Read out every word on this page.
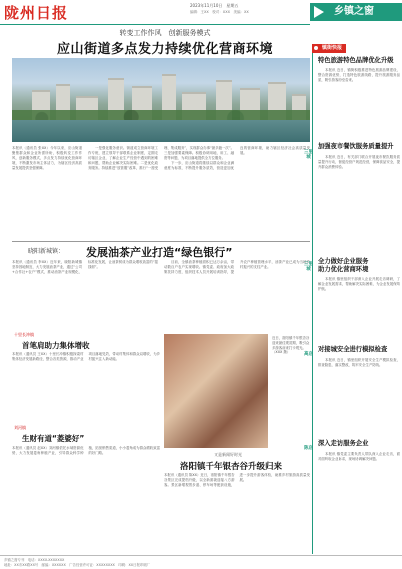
陇州日报	2023年11月10日　星期五
编辑：王XX　校对：XXX　美编：XX	乡镇之窗
转变工作作风　创新服务模式
应山街道多点发力持续优化营商环境

本报讯（通讯员 张XX）今年以来，应山街道聚焦群众和企业所需所盼，积极转变工作作风，创新服务模式，多点发力持续优化营商环境，不断激发市场主体活力，为辖区经济高质量发展提供坚强保障。

一是强化服务意识。街道成立营商环境工作专班，建立领导干部联系企业制度，定期走访辖区企业，了解企业生产经营中遇到的困难和问题，帮助企业解决实际困难。二是优化政务服务。持续推进“放管服”改革，推行“一窗受理、集成服务”，实现群众办事“最多跑一次”。三是加强要素保障。积极协调用地、用工、融资等问题，为项目落地提供全方位服务。

下一步，应山街道将继续以群众和企业满意度为标准，不断提升服务质效，营造更加优良的营商环境，助力辖区经济社会高质量发展。

晓阳新城镇： 发展油茶产业打造“绿色银行”

本报讯（通讯员 李XX）近年来，晓阳新城镇坚持因地制宜，大力发展油茶产业，通过“公司+合作社+农户”模式，推动油茶产业规模化、标准化发展，让油茶树成为群众增收致富的“摇钱树”。

目前，全镇油茶种植面积已达万余亩，带动数百户农户实现增收。镇党委、政府加大政策扶持力度，组织技术人员开展培训指导，提升农户种植管理水平，油茶产业已成为当地乡村振兴的支柱产业。

十里长冲镇
首笔肩助力集体增收

本报讯（通讯员 王XX）十里长冲镇积极探索村集体经济发展新路径，整合各类资源，推动产业项目落地见效，带动村集体和群众双增收，为乡村振兴注入新动能。

刘河镇
生财有道“菱婆好”

本报讯（通讯员 赵XX）刘河镇依托水域资源优势，大力发展菱角种植产业，引导群众科学种植，拓宽销售渠道，小小菱角成为群众增收致富的好门路。

近日，洛阳镇千年银杏谷迎来最佳观赏期，吸引众多游客前来打卡观光。（XXX 摄）
又是新闻好时光
洛阳镇千年银杏谷升级归来

本报讯（通讯员 陈XX）近日，洛阳镇千年银杏谷景区完成提档升级，以全新面貌迎接八方游客。景区新增观景步道、停车场等配套设施，进一步提升游客体验，助推乡村旅游高质量发展。

镇街快报
特色旅游特色品牌优化升级

本报讯 近日，镇街积极推进特色旅游品牌建设，整合资源优势，打造特色旅游线路，提升旅游服务品质，吸引游客纷至沓来。

三里城
加强夜市餐饮服务质量提升

本报讯 近日，有关部门联合开展夜市餐饮服务质量提升行动，督促经营户规范经营，保障食品安全，提升群众消费体验。

三里城
全力做好企业服务
助力优化营商环境

本报讯 镇里组织干部深入企业开展走访调研，了解企业发展需求，帮助解决实际困难，为企业发展保驾护航。

高店
对接城安全进行模拟检查

本报讯 近日，镇里组织开展安全生产模拟检查，排查隐患，落实整改，筑牢安全生产防线。

陈店
深入走访服务企业

本报讯 镇党委主要负责人带队深入企业走访，面对面听取企业诉求，现场协调解决问题。

乡镇之窗专刊　电话：XXXX-XXXXXXX
地址：XX市XX路XX号　邮编：XXXXXX　广告经营许可证：XXXXXXXX　印刷：XX日报印刷厂
